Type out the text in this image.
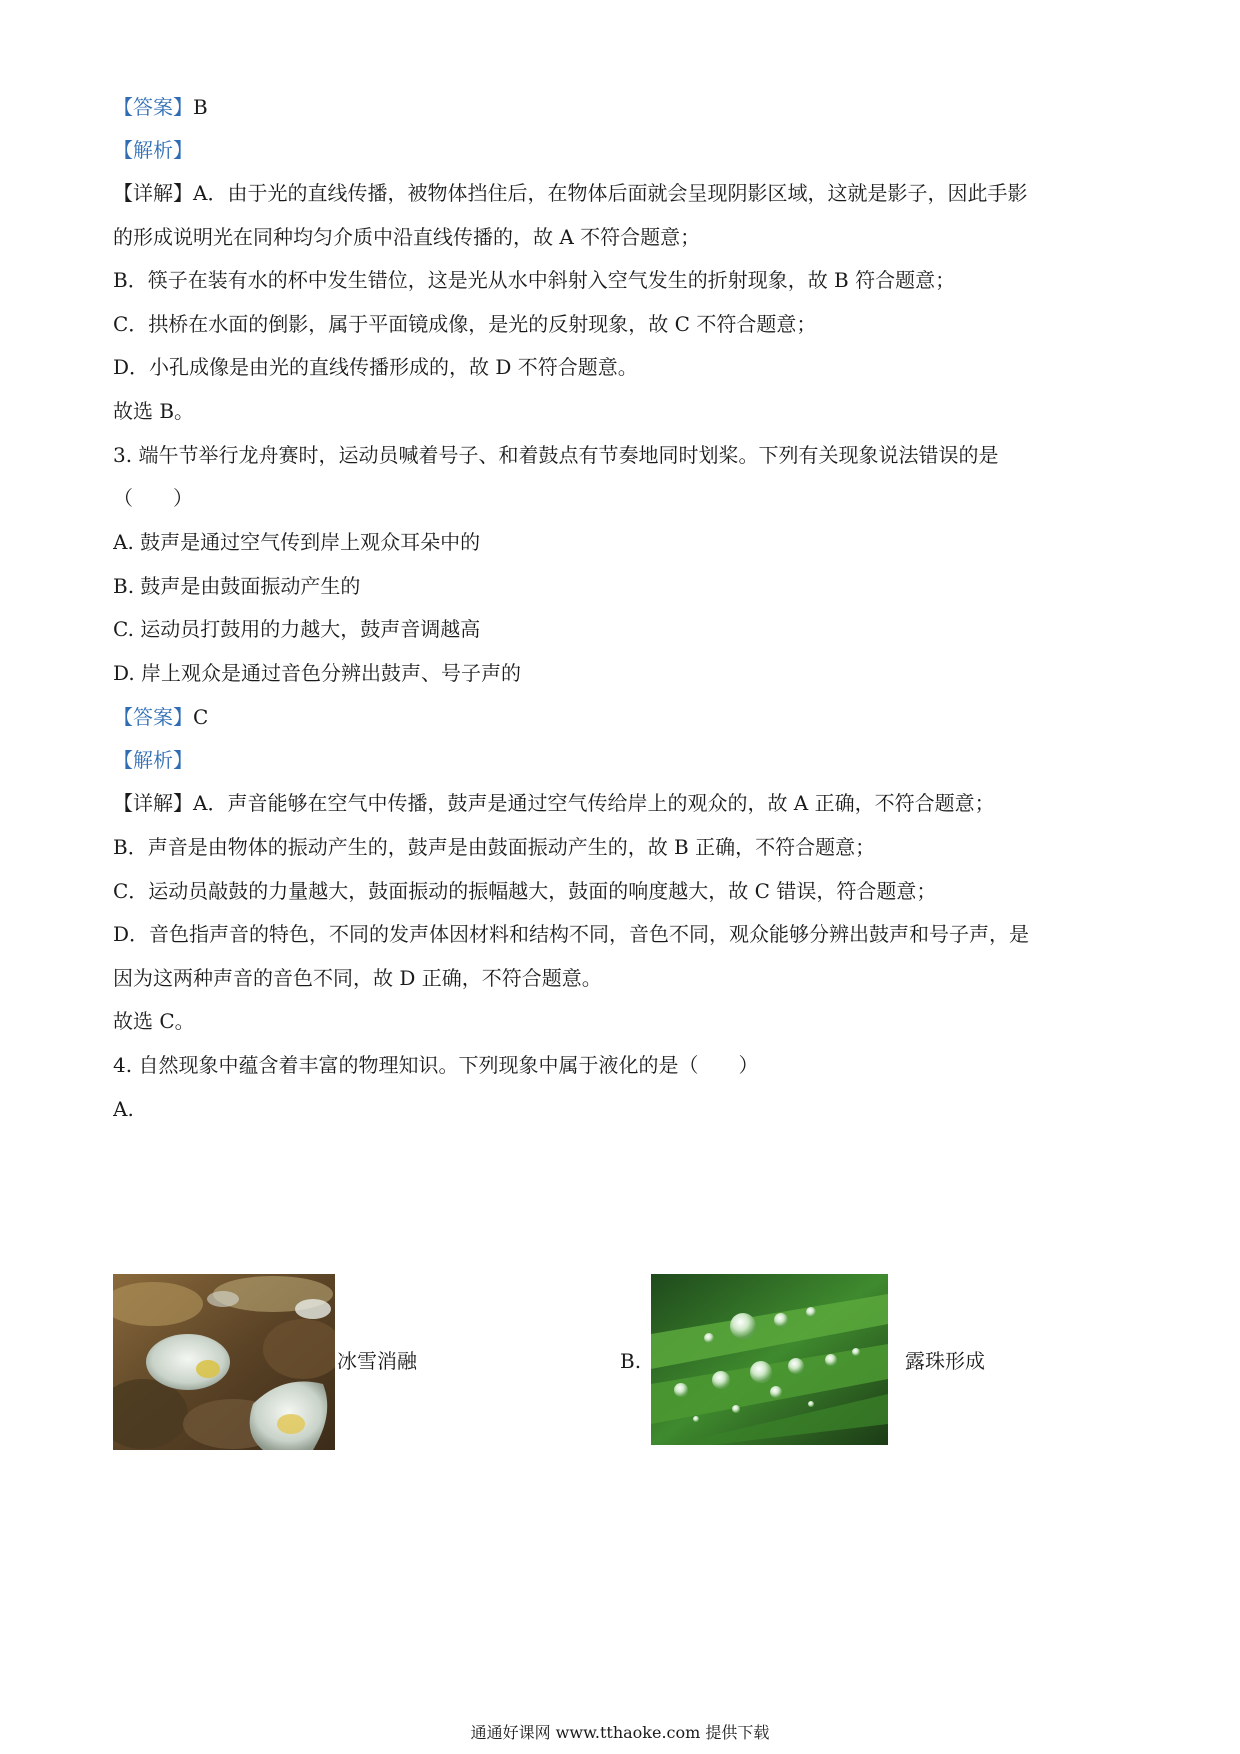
【答案】B
【解析】
【详解】A．由于光的直线传播，被物体挡住后，在物体后面就会呈现阴影区域，这就是影子，因此手影
的形成说明光在同种均匀介质中沿直线传播的，故 A 不符合题意；
B．筷子在装有水的杯中发生错位，这是光从水中斜射入空气发生的折射现象，故 B 符合题意；
C．拱桥在水面的倒影，属于平面镜成像，是光的反射现象，故 C 不符合题意；
D．小孔成像是由光的直线传播形成的，故 D 不符合题意。
故选 B。
3. 端午节举行龙舟赛时，运动员喊着号子、和着鼓点有节奏地同时划桨。下列有关现象说法错误的是
（　　）
A. 鼓声是通过空气传到岸上观众耳朵中的
B. 鼓声是由鼓面振动产生的
C. 运动员打鼓用的力越大，鼓声音调越高
D. 岸上观众是通过音色分辨出鼓声、号子声的
【答案】C
【解析】
【详解】A．声音能够在空气中传播，鼓声是通过空气传给岸上的观众的，故 A 正确，不符合题意；
B．声音是由物体的振动产生的，鼓声是由鼓面振动产生的，故 B 正确，不符合题意；
C．运动员敲鼓的力量越大，鼓面振动的振幅越大，鼓面的响度越大，故 C 错误，符合题意；
D．音色指声音的特色，不同的发声体因材料和结构不同，音色不同，观众能够分辨出鼓声和号子声，是
因为这两种声音的音色不同，故 D 正确，不符合题意。
故选 C。
4. 自然现象中蕴含着丰富的物理知识。下列现象中属于液化的是（　　）
A.
冰雪消融	B.	露珠形成
通通好课网 www.tthaoke.com 提供下载
